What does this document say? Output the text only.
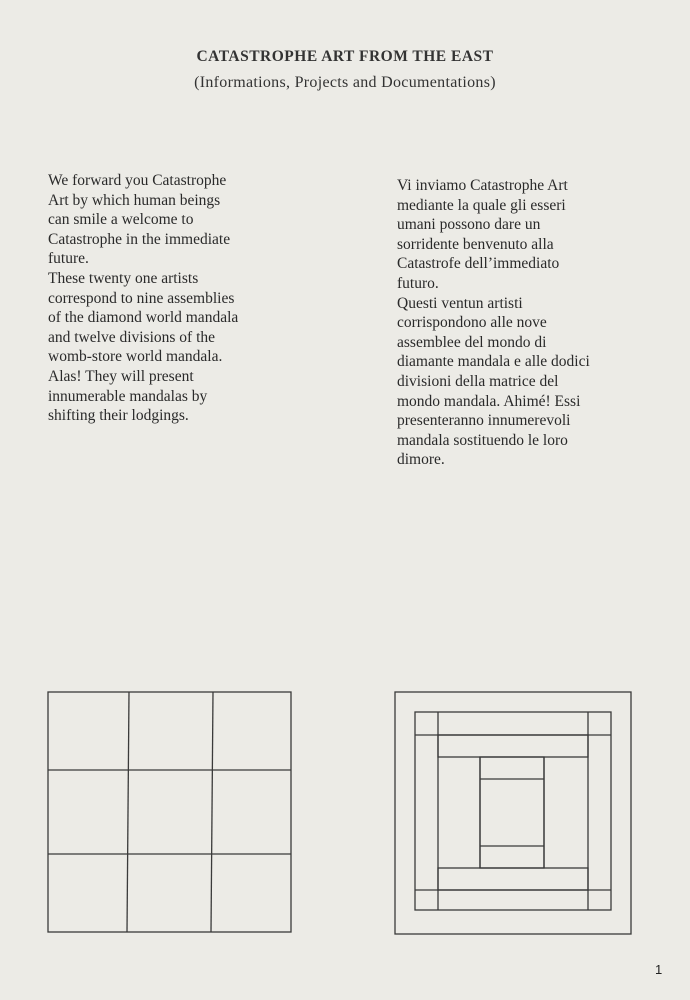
CATASTROPHE ART FROM THE EAST
(Informations, Projects and Documentations)
We forward you Catastrophe
Art by which human beings
can smile a welcome to
Catastrophe in the immediate
future.
These twenty one artists
correspond to nine assemblies
of the diamond world mandala
and twelve divisions of the
womb-store world mandala.
Alas! They will present
innumerable mandalas by
shifting their lodgings.
Vi inviamo Catastrophe Art
mediante la quale gli esseri
umani possono dare un
sorridente benvenuto alla
Catastrofe dell’immediato
futuro.
Questi ventun artisti
corrispondono alle nove
assemblee del mondo di
diamante mandala e alle dodici
divisioni della matrice del
mondo mandala. Ahimé! Essi
presenteranno innumerevoli
mandala sostituendo le loro
dimore.
1
